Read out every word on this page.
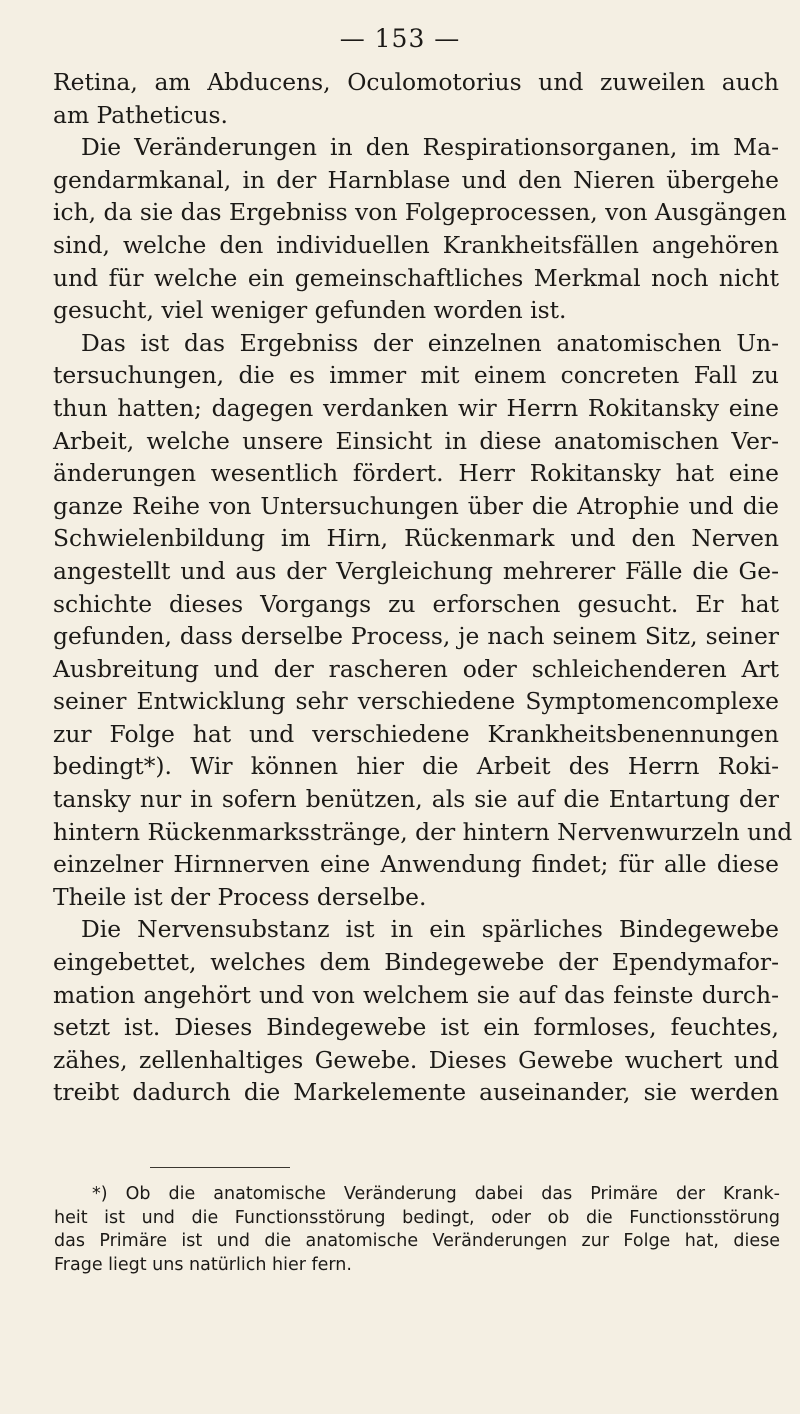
— 153 —
Retina, am Abducens, Oculomotorius und zuweilen auch
am Patheticus.
Die Veränderungen in den Respirationsorganen, im Ma-
gendarmkanal, in der Harnblase und den Nieren übergehe
ich, da sie das Ergebniss von Folgeprocessen, von Ausgängen
sind, welche den individuellen Krankheitsfällen angehören
und für welche ein gemeinschaftliches Merkmal noch nicht
gesucht, viel weniger gefunden worden ist.
Das ist das Ergebniss der einzelnen anatomischen Un-
tersuchungen, die es immer mit einem concreten Fall zu
thun hatten; dagegen verdanken wir Herrn Rokitansky eine
Arbeit, welche unsere Einsicht in diese anatomischen Ver-
änderungen wesentlich fördert. Herr Rokitansky hat eine
ganze Reihe von Untersuchungen über die Atrophie und die
Schwielenbildung im Hirn, Rückenmark und den Nerven
angestellt und aus der Vergleichung mehrerer Fälle die Ge-
schichte dieses Vorgangs zu erforschen gesucht. Er hat
gefunden, dass derselbe Process, je nach seinem Sitz, seiner
Ausbreitung und der rascheren oder schleichenderen Art
seiner Entwicklung sehr verschiedene Symptomencomplexe
zur Folge hat und verschiedene Krankheitsbenennungen
bedingt*). Wir können hier die Arbeit des Herrn Roki-
tansky nur in sofern benützen, als sie auf die Entartung der
hintern Rückenmarksstränge, der hintern Nervenwurzeln und
einzelner Hirnnerven eine Anwendung findet; für alle diese
Theile ist der Process derselbe.
Die Nervensubstanz ist in ein spärliches Bindegewebe
eingebettet, welches dem Bindegewebe der Ependymafor-
mation angehört und von welchem sie auf das feinste durch-
setzt ist. Dieses Bindegewebe ist ein formloses, feuchtes,
zähes, zellenhaltiges Gewebe. Dieses Gewebe wuchert und
treibt dadurch die Markelemente auseinander, sie werden
*) Ob die anatomische Veränderung dabei das Primäre der Krank-
heit ist und die Functionsstörung bedingt, oder ob die Functionsstörung
das Primäre ist und die anatomische Veränderungen zur Folge hat, diese
Frage liegt uns natürlich hier fern.
